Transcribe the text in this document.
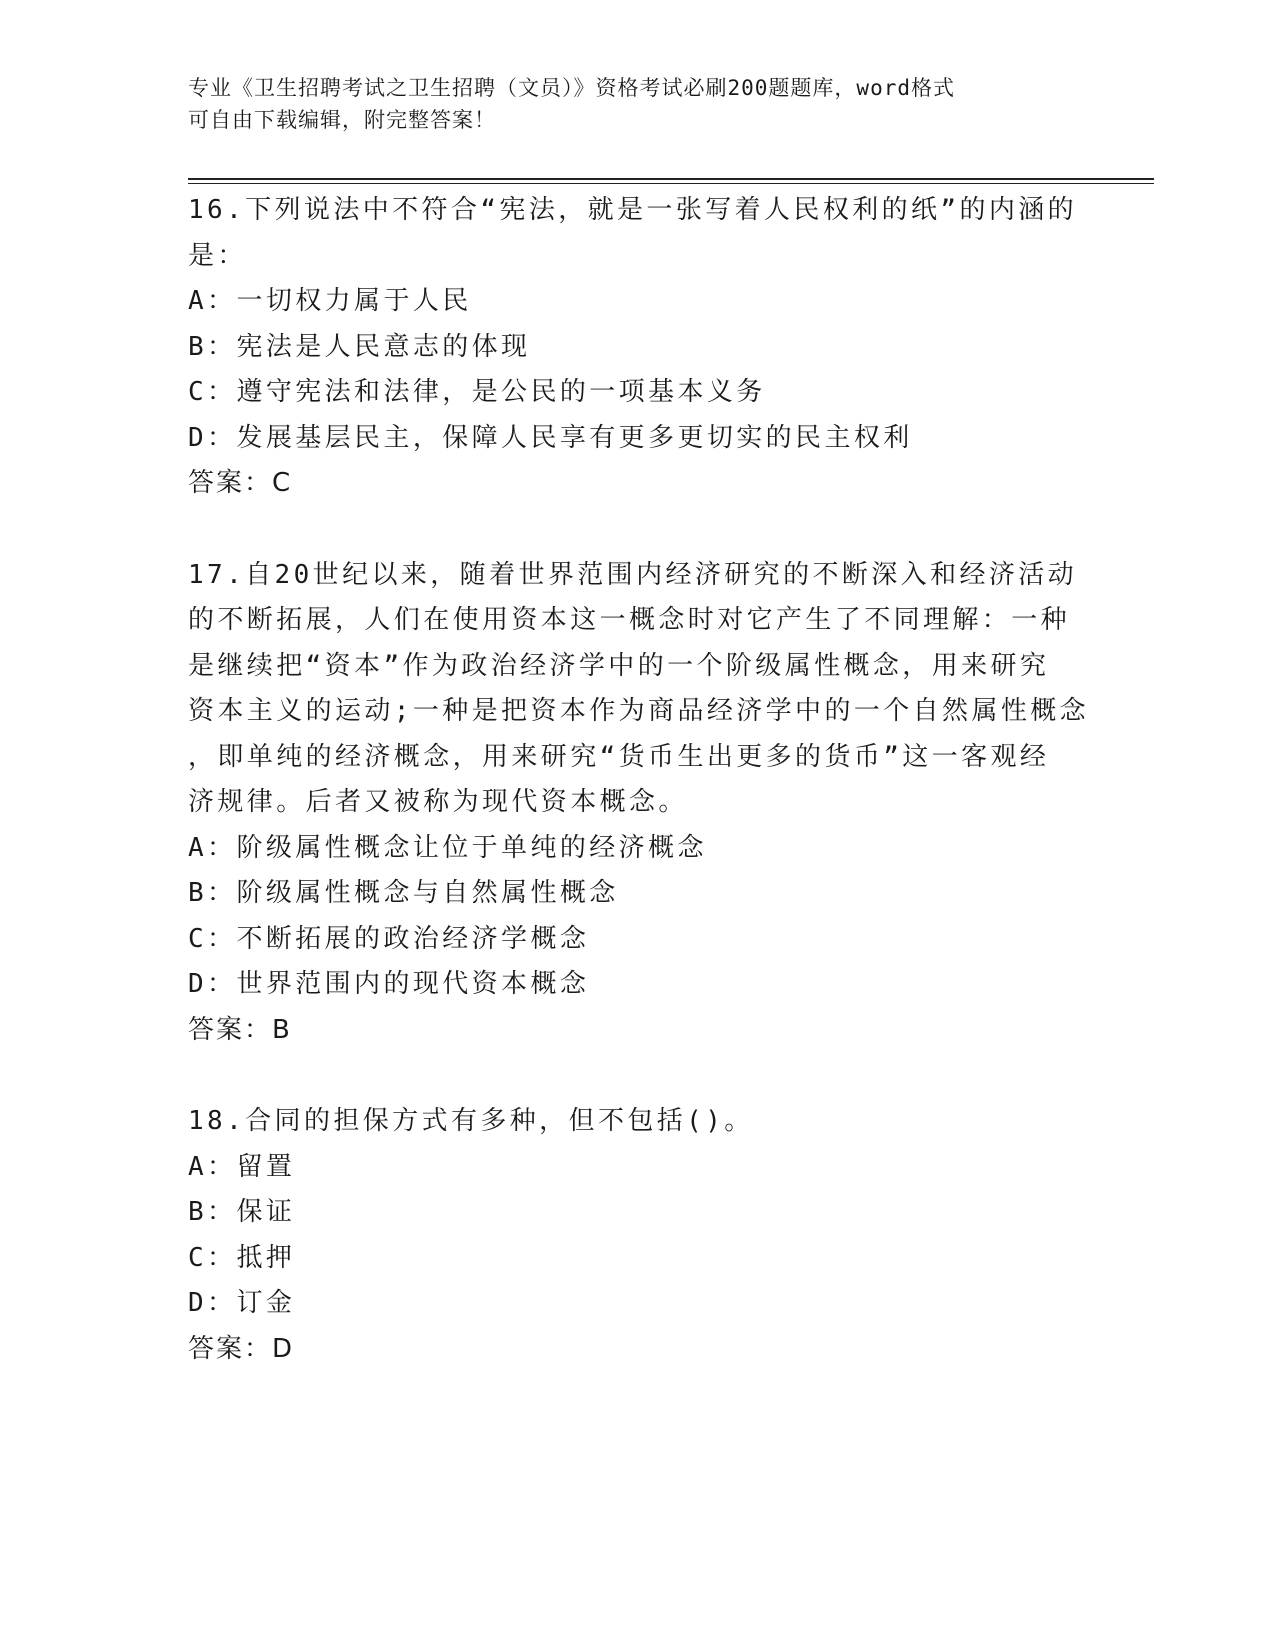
专业《卫生招聘考试之卫生招聘（文员）》资格考试必刷200题题库，word格式
可自由下载编辑，附完整答案！
16.下列说法中不符合“宪法，就是一张写着人民权利的纸”的内涵的
是：
A：一切权力属于人民
B：宪法是人民意志的体现
C：遵守宪法和法律，是公民的一项基本义务
D：发展基层民主，保障人民享有更多更切实的民主权利
答案：C
17.自20世纪以来，随着世界范围内经济研究的不断深入和经济活动
的不断拓展，人们在使用资本这一概念时对它产生了不同理解：一种
是继续把“资本”作为政治经济学中的一个阶级属性概念，用来研究
资本主义的运动;一种是把资本作为商品经济学中的一个自然属性概念
，即单纯的经济概念，用来研究“货币生出更多的货币”这一客观经
济规律。后者又被称为现代资本概念。
A：阶级属性概念让位于单纯的经济概念
B：阶级属性概念与自然属性概念
C：不断拓展的政治经济学概念
D：世界范围内的现代资本概念
答案：B
18.合同的担保方式有多种，但不包括()。
A：留置
B：保证
C：抵押
D：订金
答案：D
